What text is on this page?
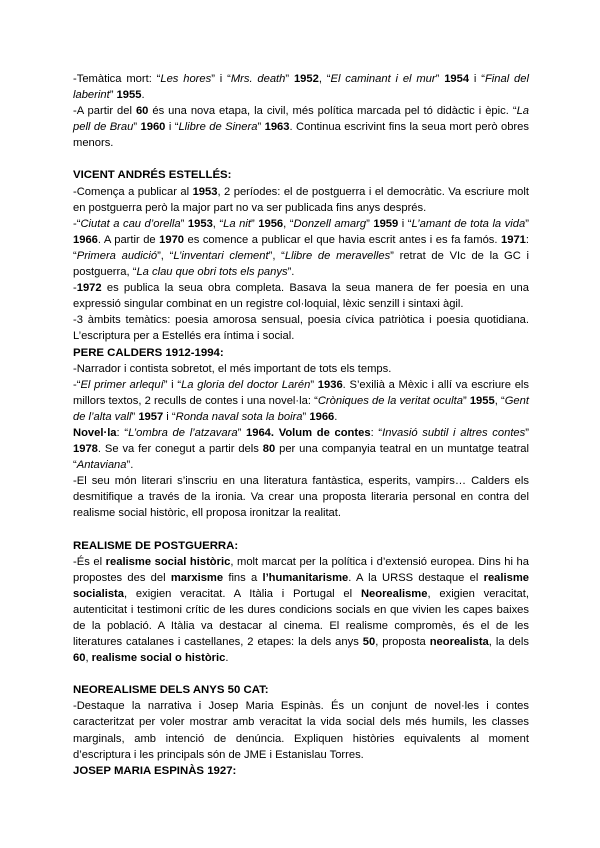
-Temàtica mort: “Les hores” i “Mrs. death” 1952, “El caminant i el mur” 1954 i “Final del laberint” 1955.

-A partir del 60 és una nova etapa, la civil, més política marcada pel tó didàctic i èpic. “La pell de Brau” 1960 i “Llibre de Sinera” 1963. Continua escrivint fins la seua mort però obres menors.

VICENT ANDRÉS ESTELLÉS:

-Comença a publicar al 1953, 2 períodes: el de postguerra i el democràtic. Va escriure molt en postguerra però la major part no va ser publicada fins anys després.

-“Ciutat a cau d’orella” 1953, “La nit” 1956, “Donzell amarg” 1959 i “L’amant de tota la vida” 1966. A partir de 1970 es comence a publicar el que havia escrit antes i es fa famós. 1971: “Primera audició”, “L’inventari clement”, “Llibre de meravelles” retrat de VIc de la GC i postguerra, “La clau que obri tots els panys”.

-1972 es publica la seua obra completa. Basava la seua manera de fer poesia en una expressió singular combinat en un registre col·loquial, lèxic senzill i sintaxi àgil.

-3 àmbits temàtics: poesia amorosa sensual, poesia cívica patriòtica i poesia quotidiana. L’escriptura per a Estellés era íntima i social.

PERE CALDERS 1912-1994:

-Narrador i contista sobretot, el més important de tots els temps.

-“El primer arlequí” i “La gloria del doctor Larén” 1936. S’exilià a Mèxic i allí va escriure els millors textos, 2 reculls de contes i una novel·la: “Cròniques de la veritat oculta” 1955, “Gent de l’alta vall” 1957 i “Ronda naval sota la boira” 1966.

Novel·la: “L’ombra de l’atzavara” 1964. Volum de contes: “Invasió subtil i altres contes” 1978. Se va fer conegut a partir dels 80 per una companyia teatral en un muntatge teatral “Antaviana”.

-El seu món literari s’inscriu en una literatura fantàstica, esperits, vampirs… Calders els desmitifique a través de la ironia. Va crear una proposta literaria personal en contra del realisme social històric, ell proposa ironitzar la realitat.

REALISME DE POSTGUERRA:

-És el realisme social històric, molt marcat per la política i d’extensió europea. Dins hi ha propostes des del marxisme fins a l’humanitarisme. A la URSS destaque el realisme socialista, exigien veracitat. A Itàlia i Portugal el Neorealisme, exigien veracitat, autenticitat i testimoni crític de les dures condicions socials en que vivien les capes baixes de la població. A Itàlia va destacar al cinema. El realisme compromès, és el de les literatures catalanes i castellanes, 2 etapes: la dels anys 50, proposta neorealista, la dels 60, realisme social o històric.

NEOREALISME DELS ANYS 50 CAT:

-Destaque la narrativa i Josep Maria Espinàs. És un conjunt de novel·les i contes caracteritzat per voler mostrar amb veracitat la vida social dels més humils, les classes marginals, amb intenció de denúncia. Expliquen històries equivalents al moment d’escriptura i les principals són de JME i Estanislau Torres.

JOSEP MARIA ESPINÀS 1927:
